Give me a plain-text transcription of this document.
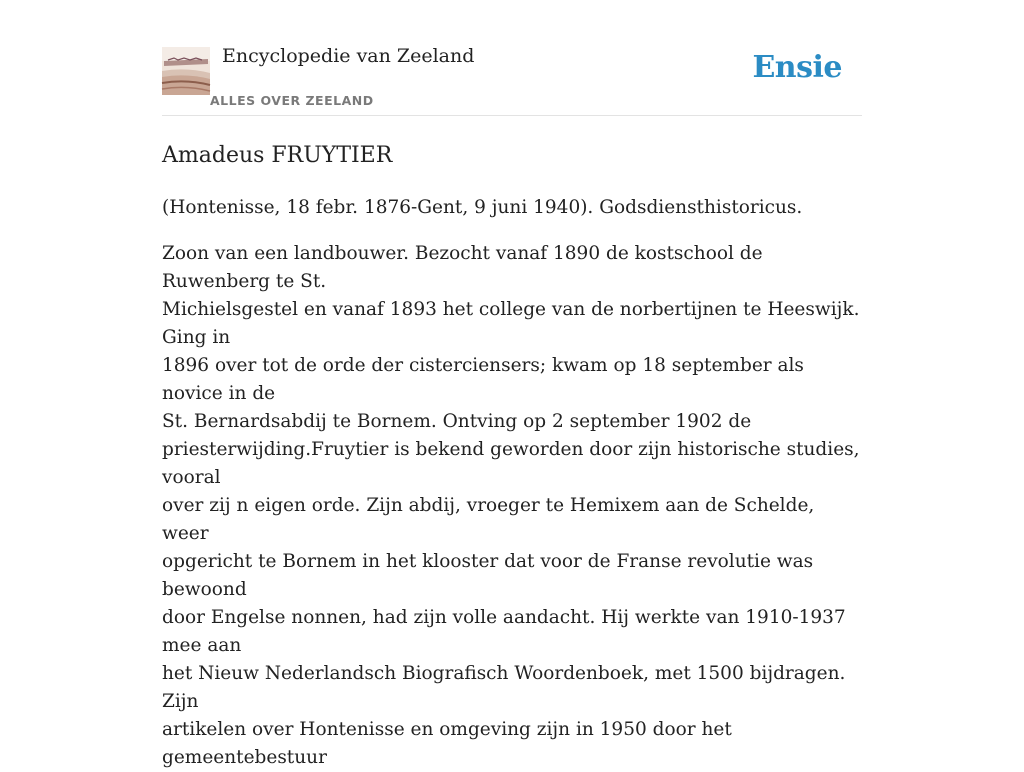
Encyclopedie van Zeeland
ALLES OVER ZEELAND
Ensie
Amadeus FRUYTIER

(Hontenisse, 18 febr. 1876-Gent, 9 juni 1940). Godsdiensthistoricus.

Zoon van een landbouwer. Bezocht vanaf 1890 de kostschool de Ruwenberg te St.
Michielsgestel en vanaf 1893 het college van de norbertijnen te Heeswijk. Ging in
1896 over tot de orde der cisterciensers; kwam op 18 september als novice in de
St. Bernardsabdij te Bornem. Ontving op 2 september 1902 de
priesterwijding.Fruytier is bekend geworden door zijn historische studies, vooral
over zij n eigen orde. Zijn abdij, vroeger te Hemixem aan de Schelde, weer
opgericht te Bornem in het klooster dat voor de Franse revolutie was bewoond
door Engelse nonnen, had zijn volle aandacht. Hij werkte van 1910-1937 mee aan
het Nieuw Nederlandsch Biografisch Woordenboek, met 1500 bijdragen. Zijn
artikelen over Hontenisse en omgeving zijn in 1950 door het gemeentebestuur
